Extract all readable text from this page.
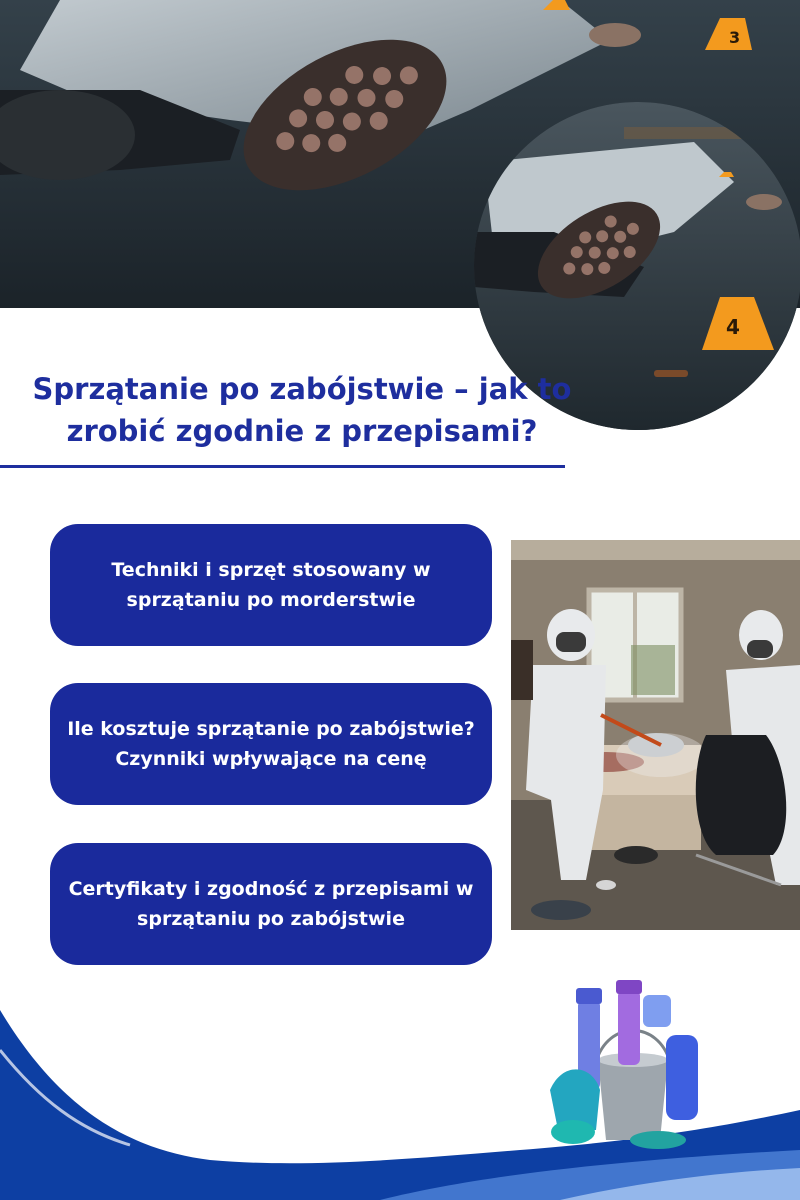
3
4
Sprzątanie po zabójstwie – jak to zrobić zgodnie z przepisami?
Techniki i sprzęt stosowany w sprzątaniu po morderstwie
Ile kosztuje sprzątanie po zabójstwie? Czynniki wpływające na cenę
Certyfikaty i zgodność z przepisami w sprzątaniu po zabójstwie
